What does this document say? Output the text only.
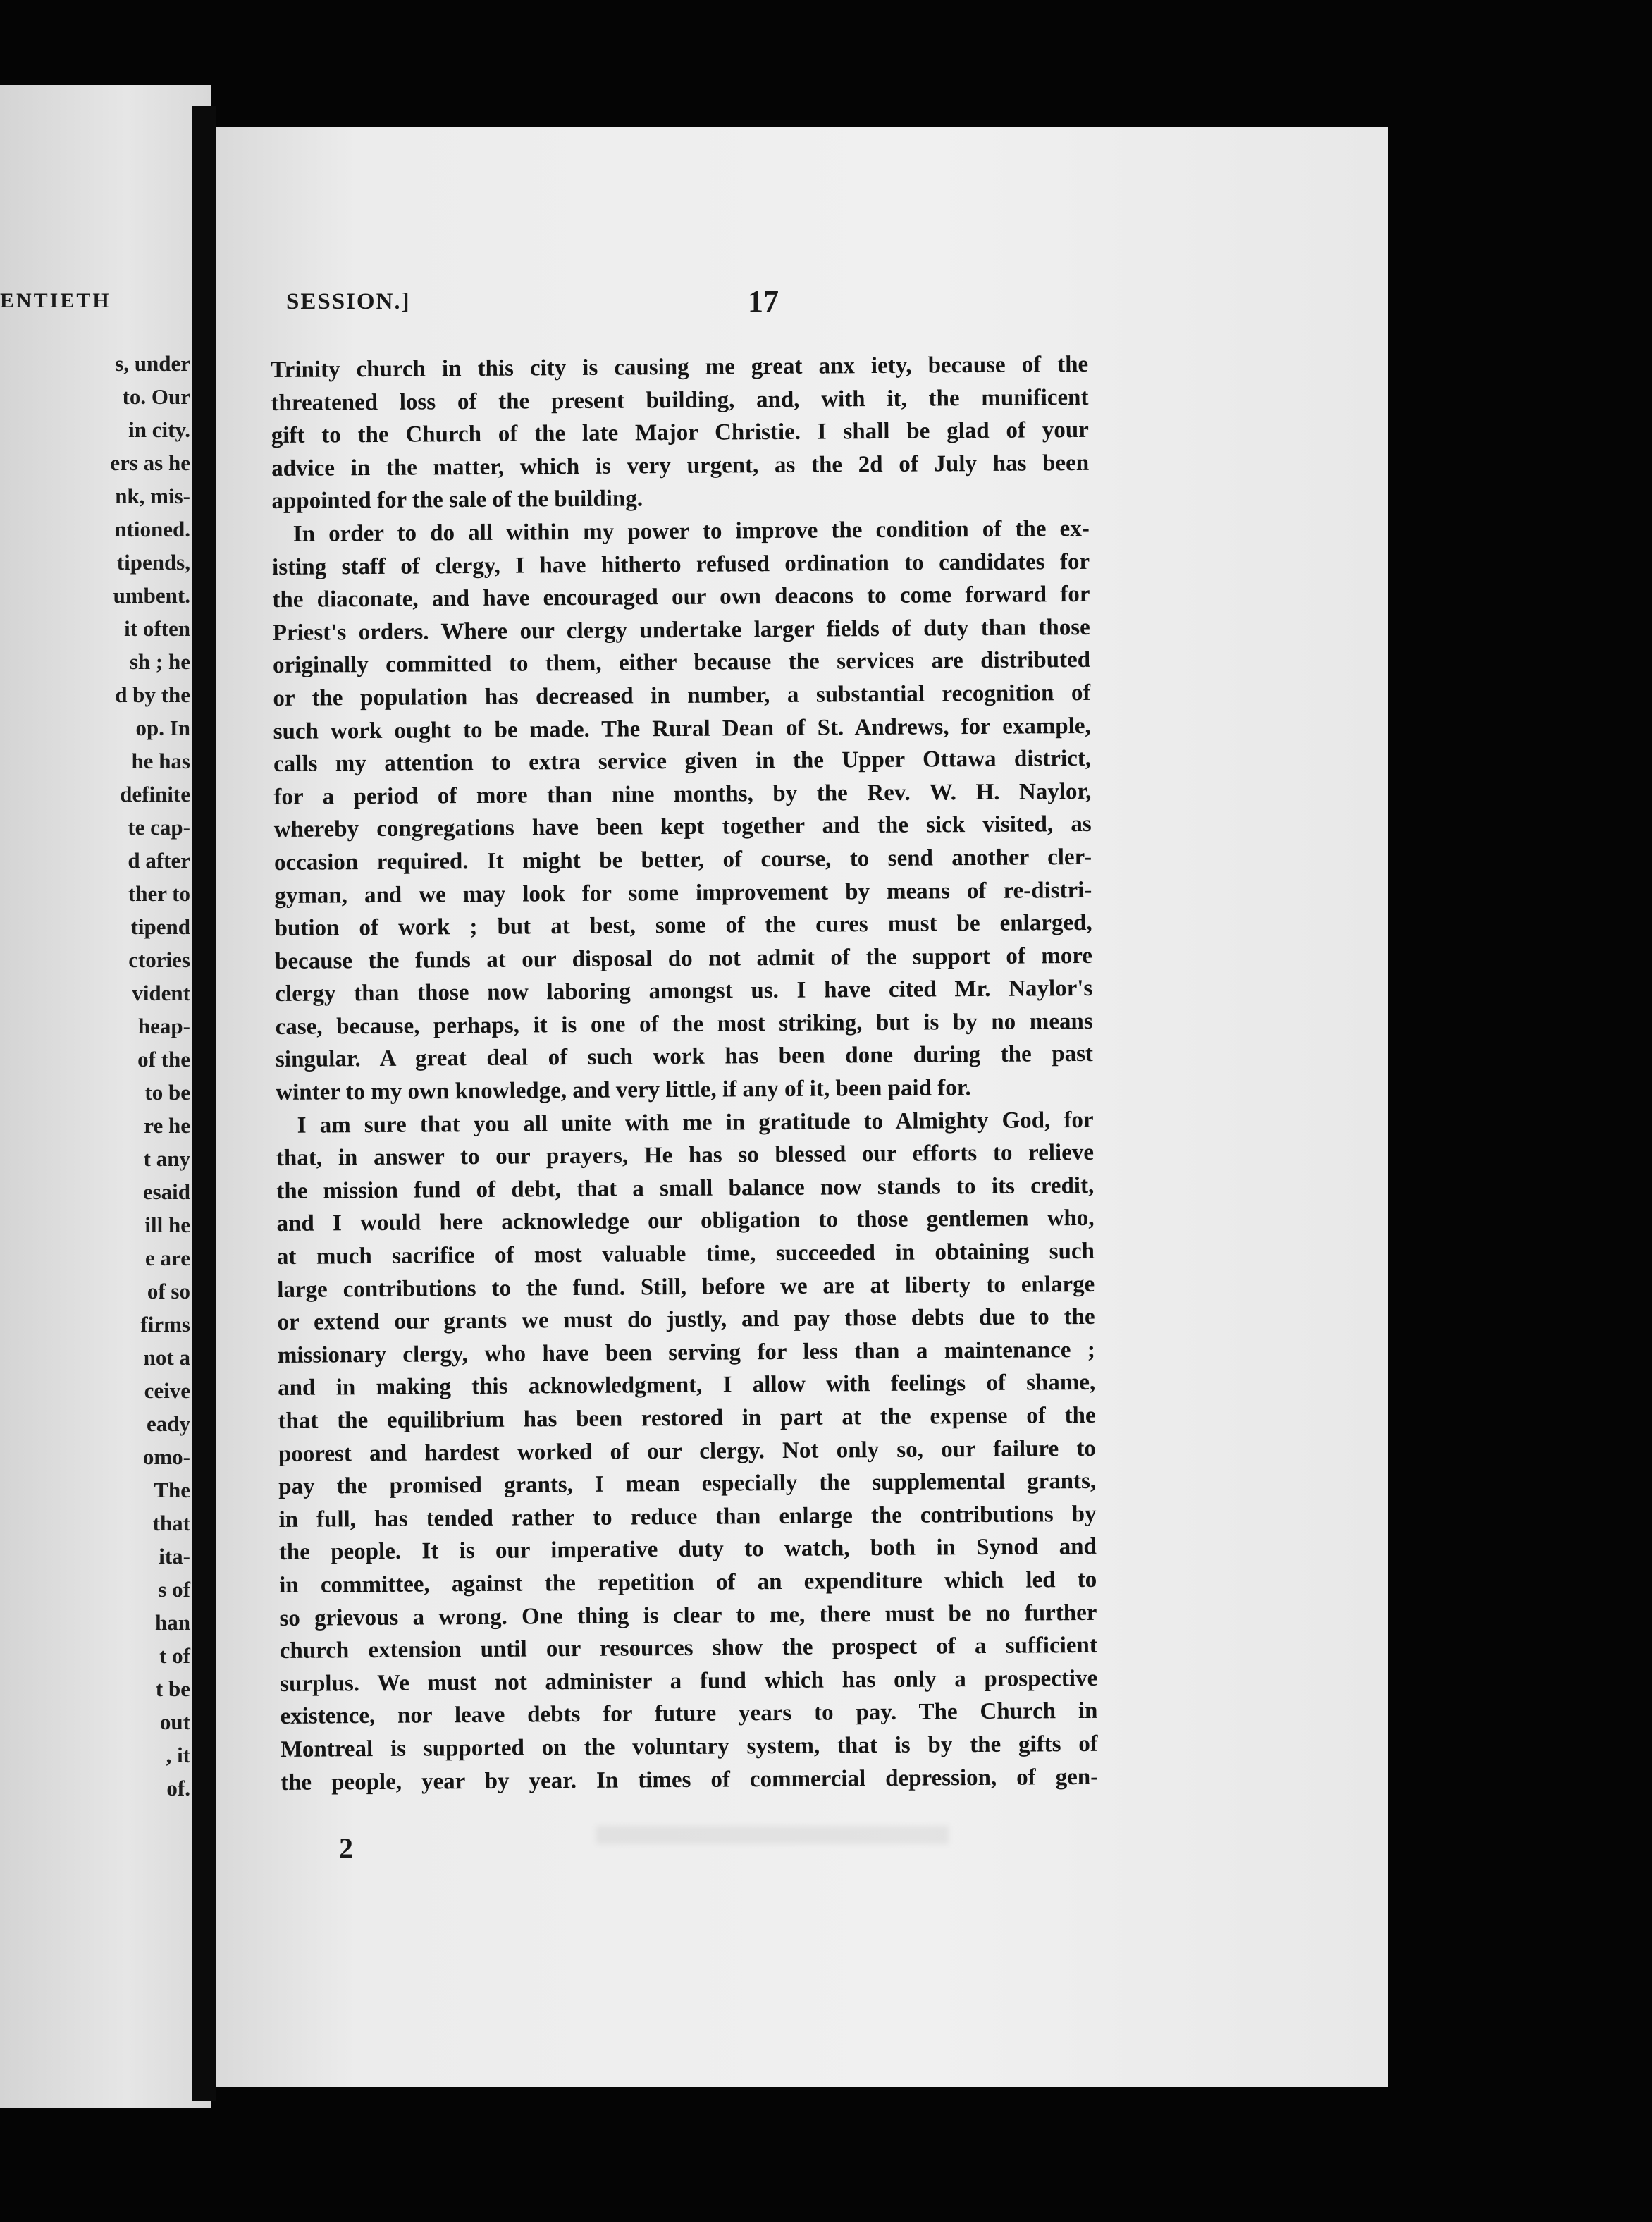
ENTIETH
s, under
to. Our
in city.
ers as he
nk, mis-
ntioned.
tipends,
umbent.
it often
sh ; he
d by the
op. In
he has
definite
te cap-
d after
ther to
tipend
ctories
vident
heap-
of the
to be
re he
t any
esaid
ill he
e are
of so
firms
not a
ceive
eady
omo-
The
that
ita-
s of
han
t of
t be
out
, it
of.
SESSION.]	17
Trinity church in this city is causing me great anx iety, because of the
threatened loss of the present building, and, with it, the munificent
gift to the Church of the late Major Christie. I shall be glad of your
advice in the matter, which is very urgent, as the 2d of July has been
appointed for the sale of the building.
In order to do all within my power to improve the condition of the ex-
isting staff of clergy, I have hitherto refused ordination to candidates for
the diaconate, and have encouraged our own deacons to come forward for
Priest's orders. Where our clergy undertake larger fields of duty than those
originally committed to them, either because the services are distributed
or the population has decreased in number, a substantial recognition of
such work ought to be made. The Rural Dean of St. Andrews, for example,
calls my attention to extra service given in the Upper Ottawa district,
for a period of more than nine months, by the Rev. W. H. Naylor,
whereby congregations have been kept together and the sick visited, as
occasion required. It might be better, of course, to send another cler-
gyman, and we may look for some improvement by means of re-distri-
bution of work ; but at best, some of the cures must be enlarged,
because the funds at our disposal do not admit of the support of more
clergy than those now laboring amongst us. I have cited Mr. Naylor's
case, because, perhaps, it is one of the most striking, but is by no means
singular. A great deal of such work has been done during the past
winter to my own knowledge, and very little, if any of it, been paid for.
I am sure that you all unite with me in gratitude to Almighty God, for
that, in answer to our prayers, He has so blessed our efforts to relieve
the mission fund of debt, that a small balance now stands to its credit,
and I would here acknowledge our obligation to those gentlemen who,
at much sacrifice of most valuable time, succeeded in obtaining such
large contributions to the fund. Still, before we are at liberty to enlarge
or extend our grants we must do justly, and pay those debts due to the
missionary clergy, who have been serving for less than a maintenance ;
and in making this acknowledgment, I allow with feelings of shame,
that the equilibrium has been restored in part at the expense of the
poorest and hardest worked of our clergy. Not only so, our failure to
pay the promised grants, I mean especially the supplemental grants,
in full, has tended rather to reduce than enlarge the contributions by
the people. It is our imperative duty to watch, both in Synod and
in committee, against the repetition of an expenditure which led to
so grievous a wrong. One thing is clear to me, there must be no further
church extension until our resources show the prospect of a sufficient
surplus. We must not administer a fund which has only a prospective
existence, nor leave debts for future years to pay. The Church in
Montreal is supported on the voluntary system, that is by the gifts of
the people, year by year. In times of commercial depression, of gen-
2
